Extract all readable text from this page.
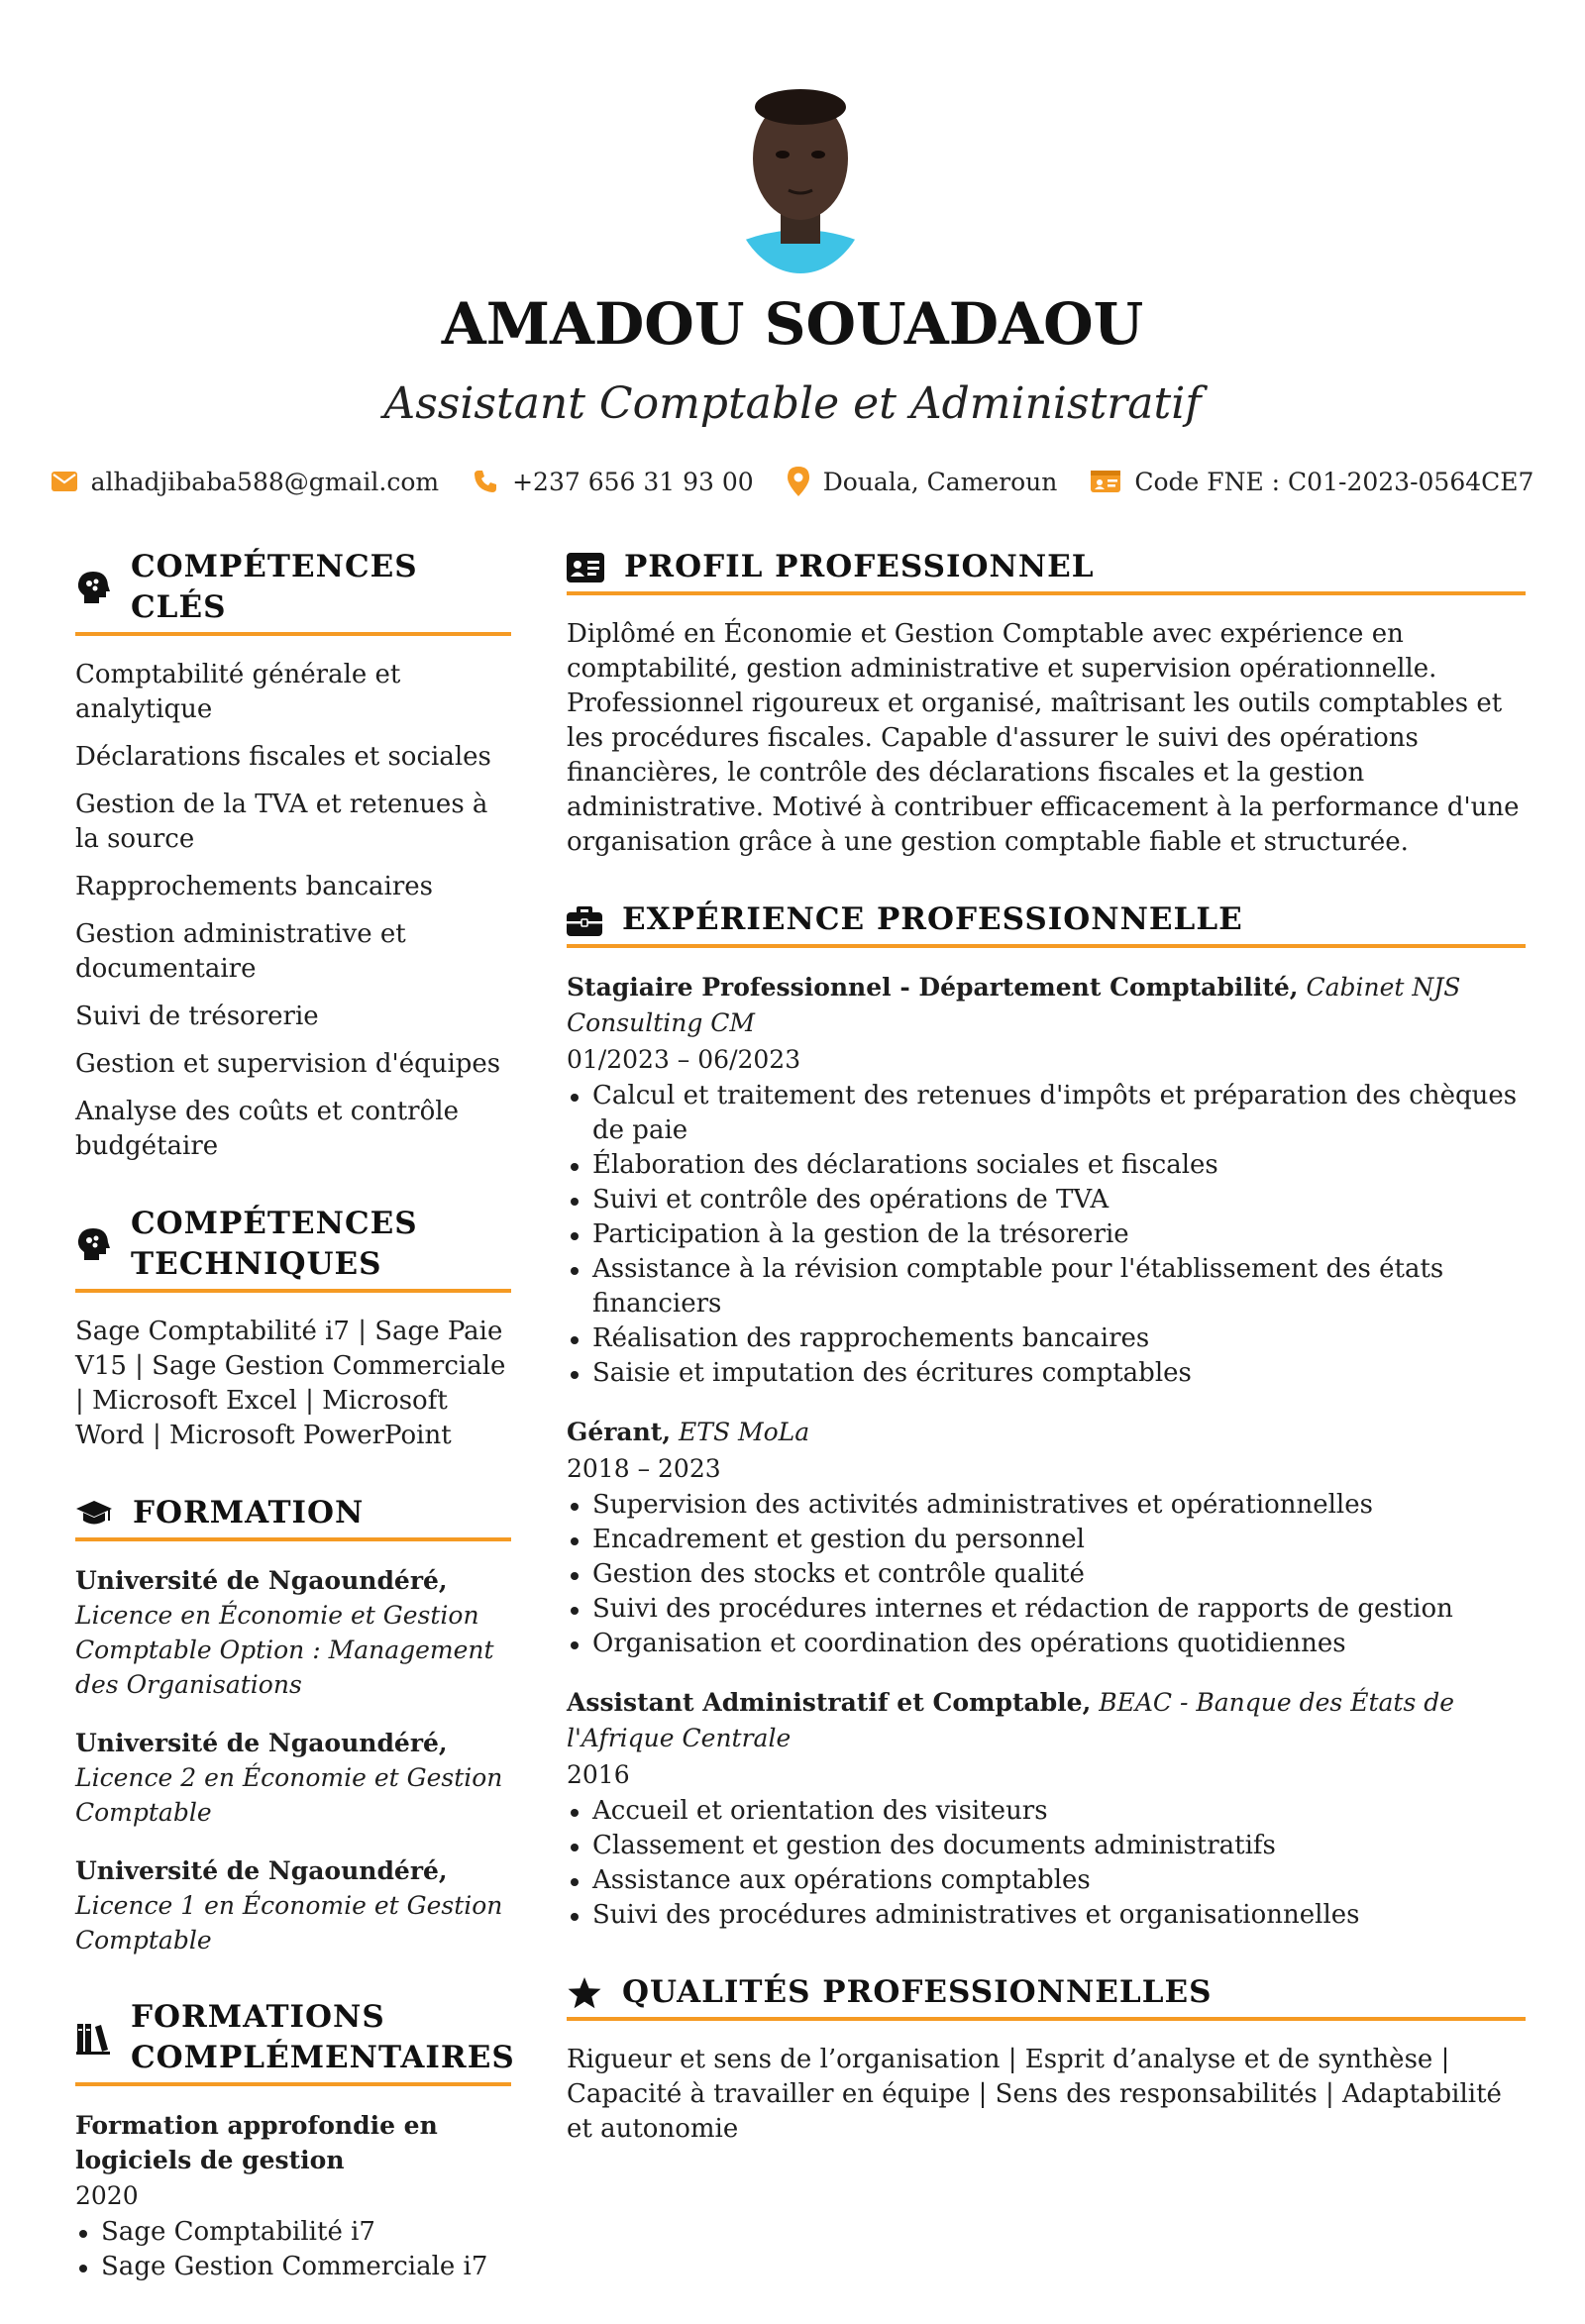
AMADOU SOUADAOU
Assistant Comptable et Administratif
alhadjibaba588@gmail.com	+237 656 31 93 00	Douala, Cameroun	Code FNE : C01-2023-0564CE7
COMPÉTENCES CLÉS
Comptabilité générale et analytique
Déclarations fiscales et sociales
Gestion de la TVA et retenues à la source
Rapprochements bancaires
Gestion administrative et documentaire
Suivi de trésorerie
Gestion et supervision d'équipes
Analyse des coûts et contrôle budgétaire
COMPÉTENCES TECHNIQUES
Sage Comptabilité i7 | Sage Paie V15 | Sage Gestion Commerciale | Microsoft Excel | Microsoft Word | Microsoft PowerPoint
FORMATION
Université de Ngaoundéré, Licence en Économie et Gestion Comptable Option : Management des Organisations
Université de Ngaoundéré, Licence 2 en Économie et Gestion Comptable
Université de Ngaoundéré, Licence 1 en Économie et Gestion Comptable
FORMATIONS COMPLÉMENTAIRES
Formation approfondie en logiciels de gestion
2020
Sage Comptabilité i7
Sage Gestion Commerciale i7
PROFIL PROFESSIONNEL
Diplômé en Économie et Gestion Comptable avec expérience en comptabilité, gestion administrative et supervision opérationnelle. Professionnel rigoureux et organisé, maîtrisant les outils comptables et les procédures fiscales. Capable d'assurer le suivi des opérations financières, le contrôle des déclarations fiscales et la gestion administrative. Motivé à contribuer efficacement à la performance d'une organisation grâce à une gestion comptable fiable et structurée.
EXPÉRIENCE PROFESSIONNELLE
Stagiaire Professionnel - Département Comptabilité, Cabinet NJS Consulting CM
01/2023 – 06/2023
Calcul et traitement des retenues d'impôts et préparation des chèques de paie
Élaboration des déclarations sociales et fiscales
Suivi et contrôle des opérations de TVA
Participation à la gestion de la trésorerie
Assistance à la révision comptable pour l'établissement des états financiers
Réalisation des rapprochements bancaires
Saisie et imputation des écritures comptables
Gérant, ETS MoLa
2018 – 2023
Supervision des activités administratives et opérationnelles
Encadrement et gestion du personnel
Gestion des stocks et contrôle qualité
Suivi des procédures internes et rédaction de rapports de gestion
Organisation et coordination des opérations quotidiennes
Assistant Administratif et Comptable, BEAC - Banque des États de l'Afrique Centrale
2016
Accueil et orientation des visiteurs
Classement et gestion des documents administratifs
Assistance aux opérations comptables
Suivi des procédures administratives et organisationnelles
QUALITÉS PROFESSIONNELLES
Rigueur et sens de l’organisation | Esprit d’analyse et de synthèse | Capacité à travailler en équipe | Sens des responsabilités | Adaptabilité et autonomie
